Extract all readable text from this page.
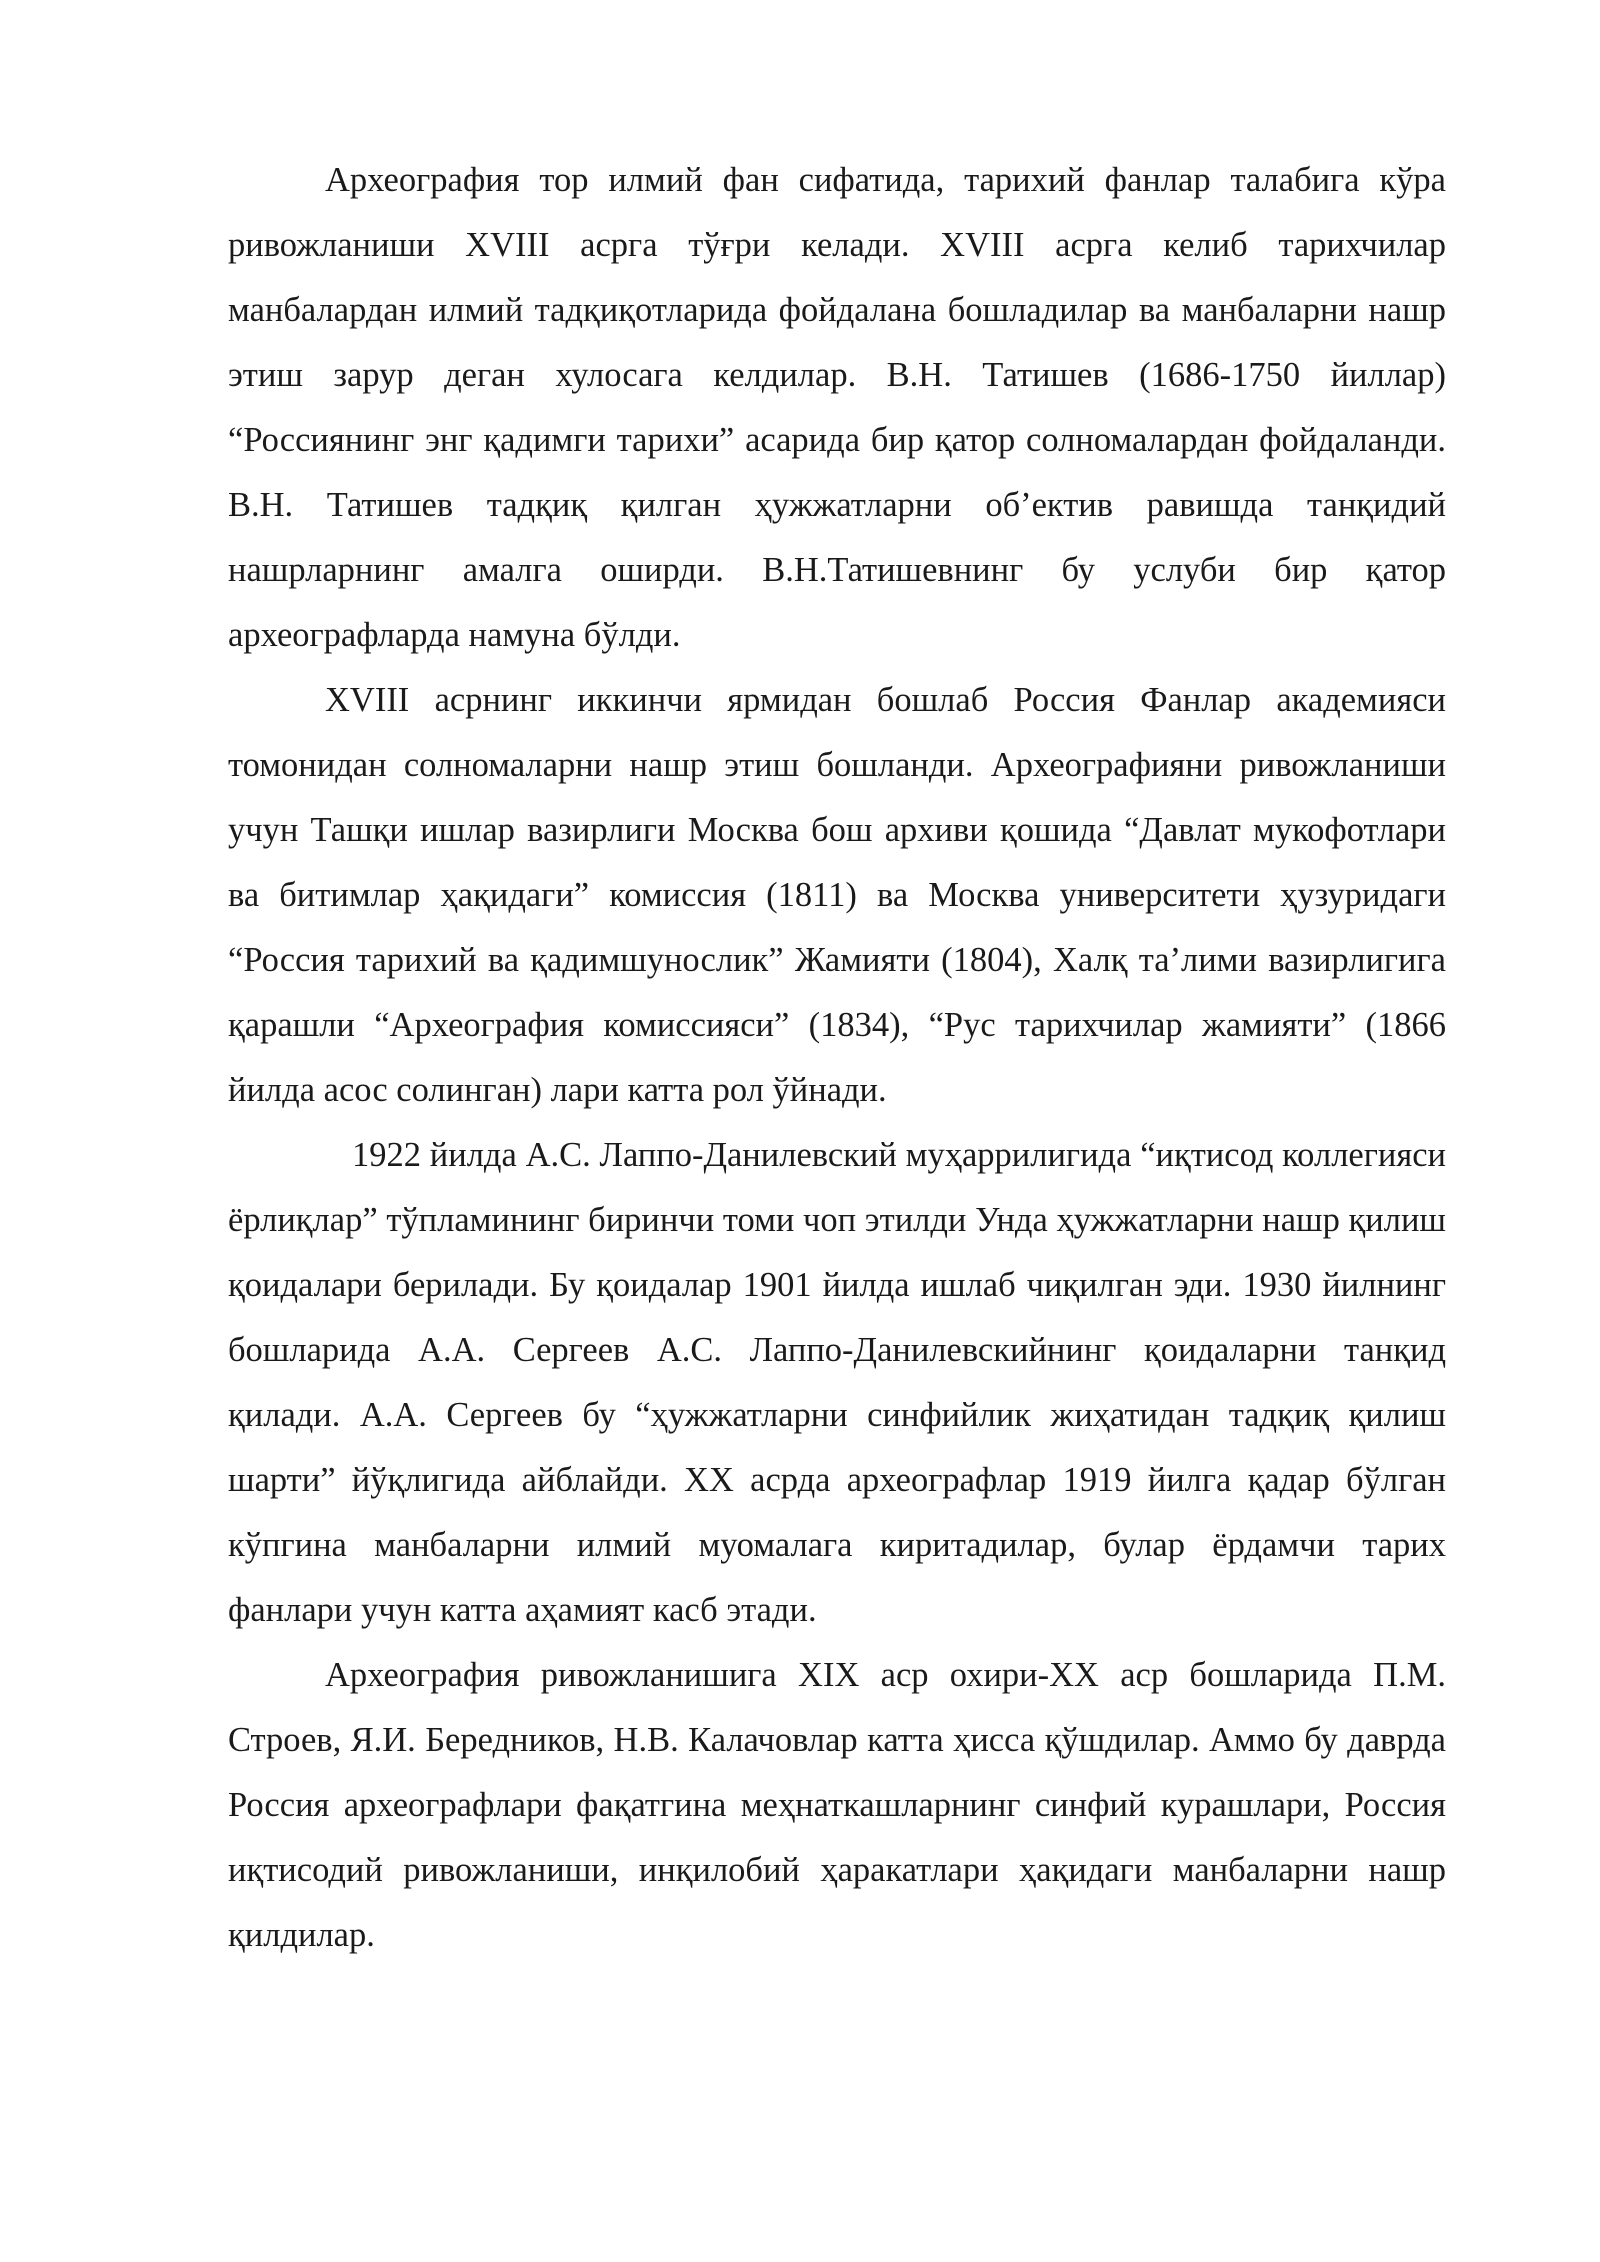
Археография тор илмий фан сифатида, тарихий фанлар талабига кўра ривожланиши XVIII асрга тўғри келади. XVIII асрга келиб тарихчилар манбалардан илмий тадқиқотларида фойдалана бошладилар ва манбаларни нашр этиш зарур деган хулосага келдилар. В.Н. Татишев (1686-1750 йиллар) “Россиянинг энг қадимги тарихи” асарида бир қатор солномалардан фойдаланди. В.Н. Татишев тадқиқ қилган ҳужжатларни об’ектив равишда танқидий нашрларнинг амалга оширди. В.Н.Татишевнинг бу услуби бир қатор археографларда намуна бўлди.

XVIII асрнинг иккинчи ярмидан бошлаб Россия Фанлар академияси томонидан солномаларни нашр этиш бошланди. Археографияни ривожланиши учун Ташқи ишлар вазирлиги Москва бош архиви қошида “Давлат мукофотлари ва битимлар ҳақидаги” комиссия (1811) ва Москва университети ҳузуридаги “Россия тарихий ва қадимшунослик” Жамияти (1804), Халқ та’лими вазирлигига қарашли “Археография комиссияси” (1834), “Рус тарихчилар жамияти” (1866 йилда асос солинган) лари катта рол ўйнади.

1922 йилда А.С. Лаппо-Данилевский муҳаррилигида “иқтисод коллегияси ёрлиқлар” тўпламининг биринчи томи чоп этилди Унда ҳужжатларни нашр қилиш қоидалари берилади. Бу қоидалар 1901 йилда ишлаб чиқилган эди. 1930 йилнинг бошларида А.А. Сергеев А.С. Лаппо-Данилевскийнинг қоидаларни танқид қилади. А.А. Сергеев бу “ҳужжатларни синфийлик жиҳатидан тадқиқ қилиш шарти” йўқлигида айблайди. XX асрда археографлар 1919 йилга қадар бўлган кўпгина манбаларни илмий муомалага киритадилар, булар ёрдамчи тарих фанлари учун катта аҳамият касб этади.

Археография ривожланишига XIX аср охири-XX аср бошларида П.М. Строев, Я.И. Бередников, Н.В. Калачовлар катта ҳисса қўшдилар. Аммо бу даврда Россия археографлари фақатгина меҳнаткашларнинг синфий курашлари, Россия иқтисодий ривожланиши, инқилобий ҳаракатлари ҳақидаги манбаларни нашр қилдилар.
